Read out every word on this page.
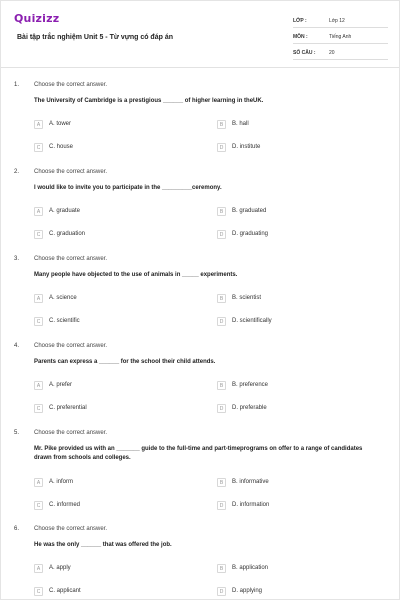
Quizizz
Bài tập trắc nghiệm Unit 5 - Từ vựng có đáp án
LỚP :	Lớp 12
MÔN :	Tiếng Anh
SỐ CÂU :	20
1. Choose the correct answer.
The University of Cambridge is a prestigious ______ of higher learning in theUK.
A	A. tower	B	B. hall
C	C. house	D	D. institute
2. Choose the correct answer.
I would like to invite you to participate in the _________ceremony.
A	A. graduate	B	B. graduated
C	C. graduation	D	D. graduating
3. Choose the correct answer.
Many people have objected to the use of animals in _____ experiments.
A	A. science	B	B. scientist
C	C. scientific	D	D. scientifically
4. Choose the correct answer.
Parents can express a ______ for the school their child attends.
A	A. prefer	B	B. preference
C	C. preferential	D	D. preferable
5. Choose the correct answer.
Mr. Pike provided us with an _______ guide to the full-time and part-timeprograms on offer to a range of candidates drawn from schools and colleges.
A	A. inform	B	B. informative
C	C. informed	D	D. information
6. Choose the correct answer.
He was the only ______ that was offered the job.
A	A. apply	B	B. application
C	C. applicant	D	D. applying
